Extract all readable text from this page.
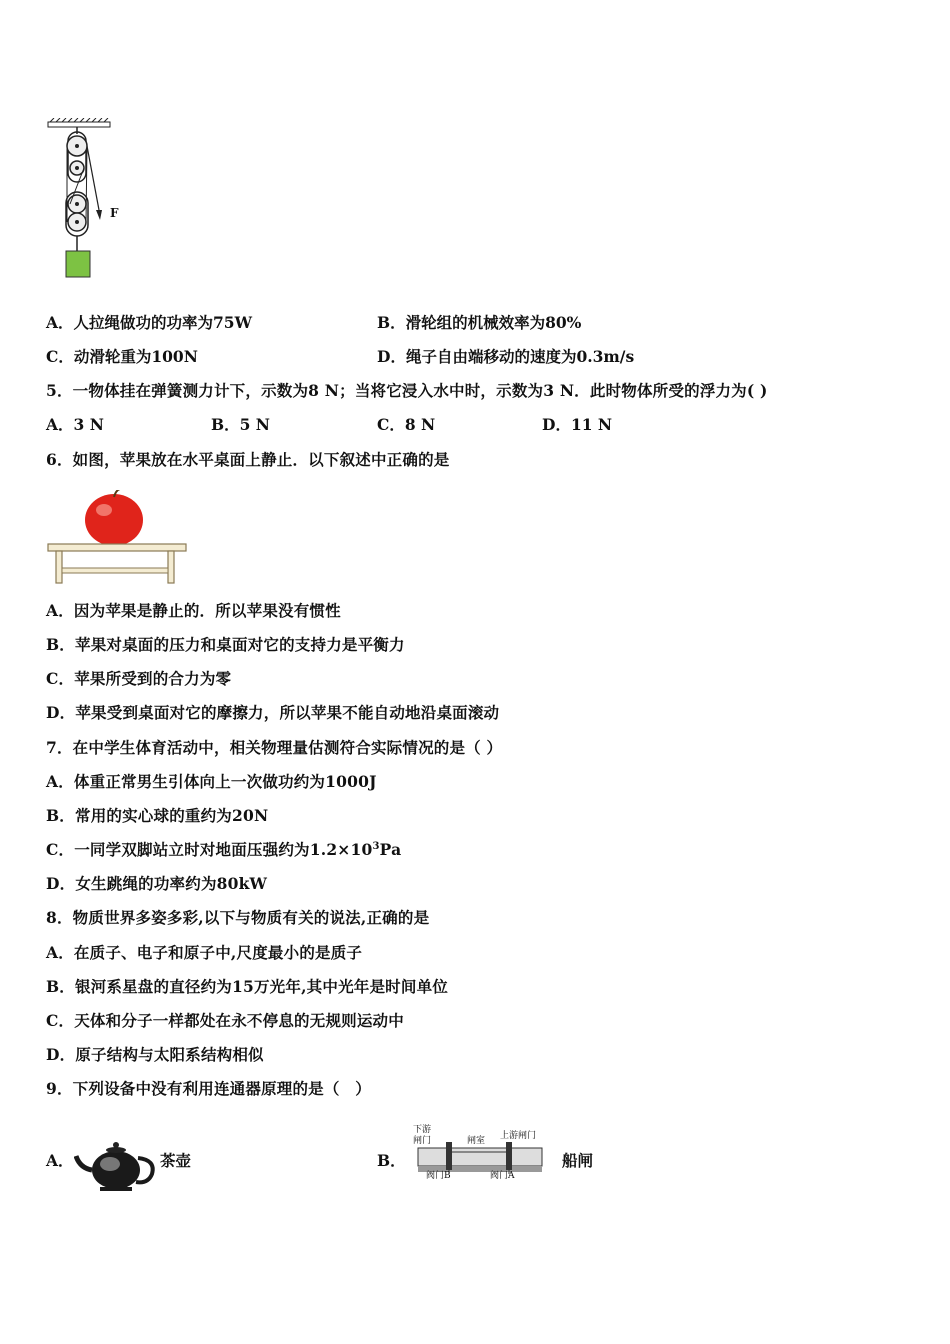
F
A．人拉绳做功的功率为75W	B．滑轮组的机械效率为80%
C．动滑轮重为100N	D．绳子自由端移动的速度为0.3m/s
5．一物体挂在弹簧测力计下，示数为8 N；当将它浸入水中时，示数为3 N．此时物体所受的浮力为( )
A．3 N	B．5 N	C．8 N	D．11 N
6．如图，苹果放在水平桌面上静止．以下叙述中正确的是
A．因为苹果是静止的．所以苹果没有惯性
B．苹果对桌面的压力和桌面对它的支持力是平衡力
C．苹果所受到的合力为零
D．苹果受到桌面对它的摩擦力，所以苹果不能自动地沿桌面滚动
7．在中学生体育活动中，相关物理量估测符合实际情况的是（ ）
A．体重正常男生引体向上一次做功约为1000J
B．常用的实心球的重约为20N
C．一同学双脚站立时对地面压强约为$1.2\times 10^3Pa$
D．女生跳绳的功率约为80kW
8．物质世界多姿多彩,以下与物质有关的说法,正确的是
A．在质子、电子和原子中,尺度最小的是质子
B．银河系星盘的直径约为15万光年,其中光年是时间单位
C．天体和分子一样都处在永不停息的无规则运动中
D．原子结构与太阳系结构相似
9．下列设备中没有利用连通器原理的是（　）
A．	茶壶	B．
下游
闸门	闸室 上游闸门
阀门B	阀门A
船闸
